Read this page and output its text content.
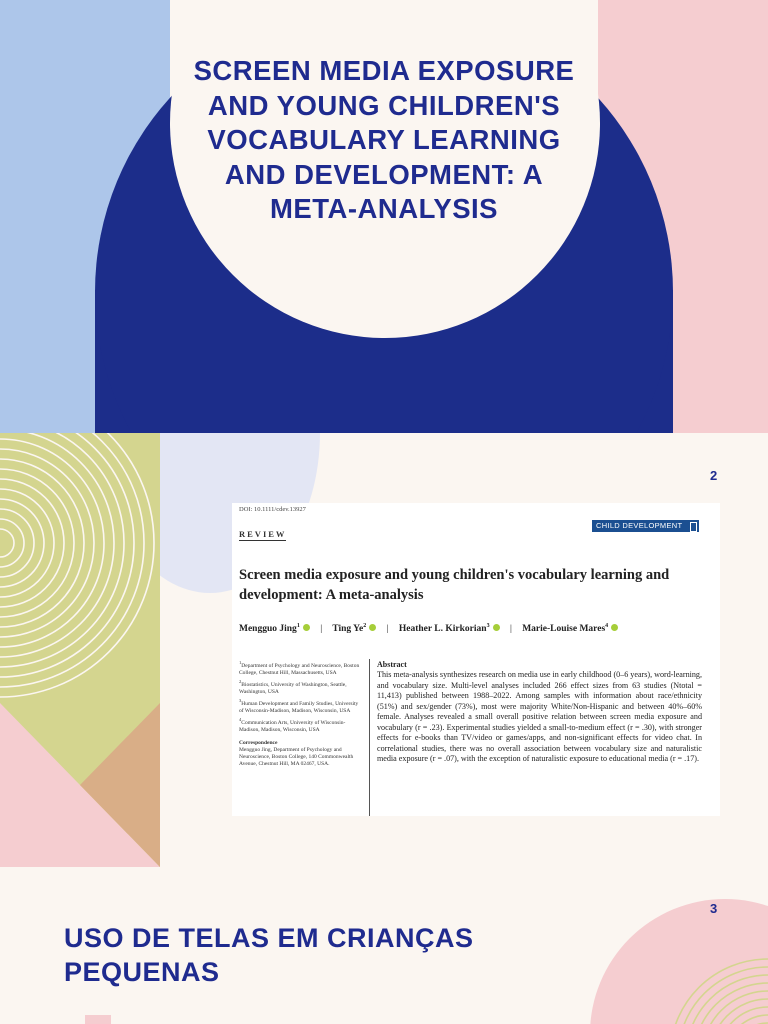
SCREEN MEDIA EXPOSURE AND YOUNG CHILDREN'S VOCABULARY LEARNING AND DEVELOPMENT: A META-ANALYSIS
2
DOI: 10.1111/cdev.13927
REVIEW
CHILD DEVELOPMENT
Screen media exposure and young children's vocabulary learning and development: A meta-analysis
Mengguo Jing$^1$ | Ting Ye$^2$ | Heather L. Kirkorian$^3$ | Marie-Louise Mares$^4$
$^1$Department of Psychology and Neuroscience, Boston College, Chestnut Hill, Massachusetts, USA
$^2$Biostatistics, University of Washington, Seattle, Washington, USA
$^3$Human Development and Family Studies, University of Wisconsin-Madison, Madison, Wisconsin, USA
$^4$Communication Arts, University of Wisconsin-Madison, Madison, Wisconsin, USA
Correspondence
Mengguo Jing, Department of Psychology and Neuroscience, Boston College, 140 Commonwealth Avenue, Chestnut Hill, MA 02467, USA.
Abstract
This meta-analysis synthesizes research on media use in early childhood (0–6 years), word-learning, and vocabulary size. Multi-level analyses included 266 effect sizes from 63 studies (Ntotal = 11,413) published between 1988–2022. Among samples with information about race/ethnicity (51%) and sex/gender (73%), most were majority White/Non-Hispanic and between 40%–60% female. Analyses revealed a small overall positive relation between screen media exposure and vocabulary (r = .23). Experimental studies yielded a small-to-medium effect (r = .30), with stronger effects for e-books than TV/video or games/apps, and non-significant effects for video chat. In correlational studies, there was no overall association between vocabulary size and naturalistic media exposure (r = .07), with the exception of naturalistic exposure to educational media (r = .17).
3
USO DE TELAS EM CRIANÇAS PEQUENAS
